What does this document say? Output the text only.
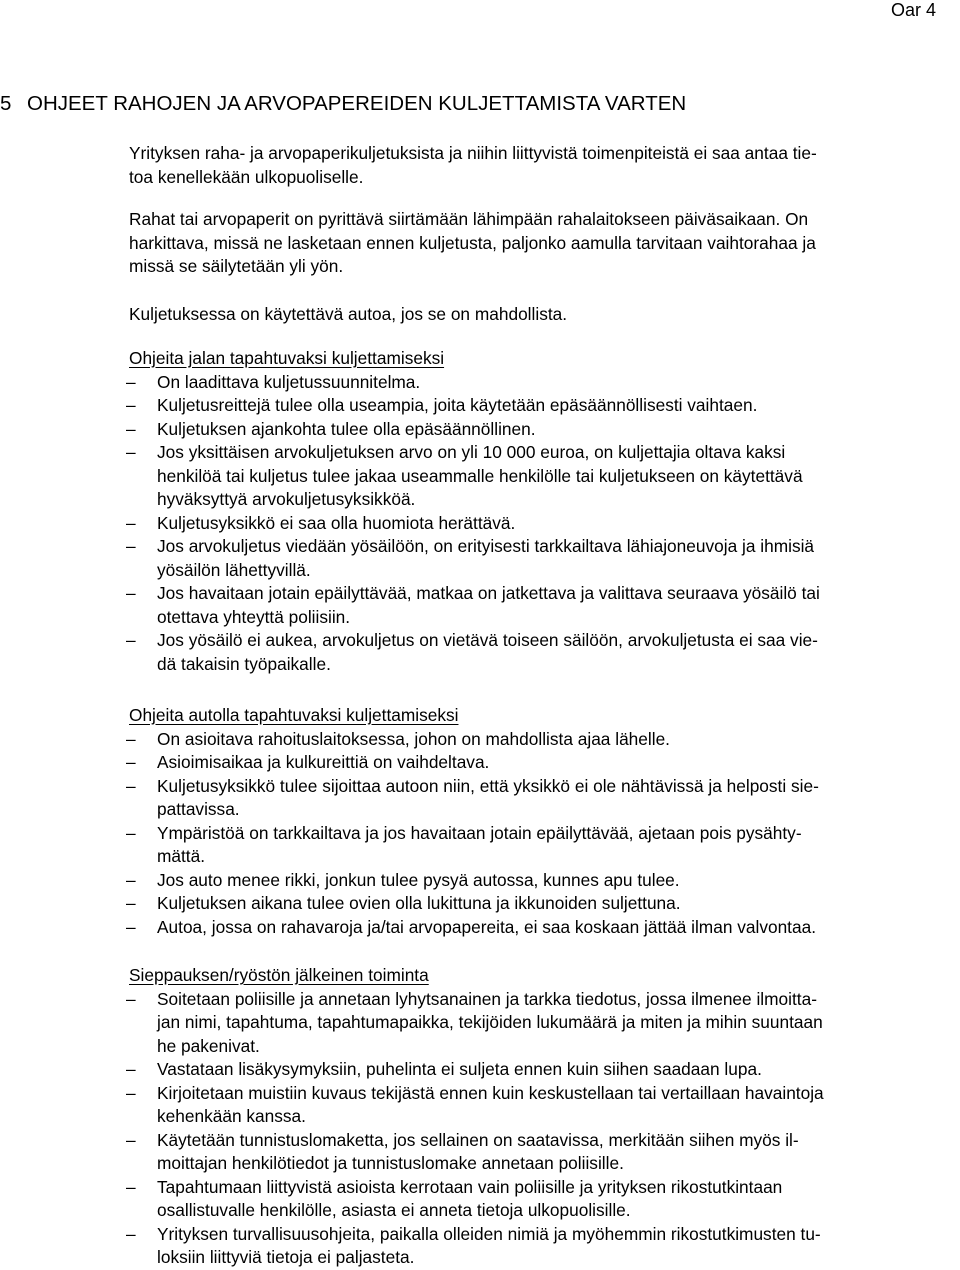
Oar 4
5 OHJEET RAHOJEN JA ARVOPAPEREIDEN KULJETTAMISTA VARTEN

Yrityksen raha- ja arvopaperikuljetuksista ja niihin liittyvistä toimenpiteistä ei saa antaa tie-
toa kenellekään ulkopuoliselle.

Rahat tai arvopaperit on pyrittävä siirtämään lähimpään rahalaitokseen päiväsaikaan. On
harkittava, missä ne lasketaan ennen kuljetusta, paljonko aamulla tarvitaan vaihtorahaa ja
missä se säilytetään yli yön.

Kuljetuksessa on käytettävä autoa, jos se on mahdollista.

Ohjeita jalan tapahtuvaksi kuljettamiseksi
– On laadittava kuljetussuunnitelma.
– Kuljetusreittejä tulee olla useampia, joita käytetään epäsäännöllisesti vaihtaen.
– Kuljetuksen ajankohta tulee olla epäsäännöllinen.
– Jos yksittäisen arvokuljetuksen arvo on yli 10 000 euroa, on kuljettajia oltava kaksi
henkilöä tai kuljetus tulee jakaa useammalle henkilölle tai kuljetukseen on käytettävä
hyväksyttyä arvokuljetusyksikköä.
– Kuljetusyksikkö ei saa olla huomiota herättävä.
– Jos arvokuljetus viedään yösäilöön, on erityisesti tarkkailtava lähiajoneuvoja ja ihmisiä
yösäilön lähettyvillä.
– Jos havaitaan jotain epäilyttävää, matkaa on jatkettava ja valittava seuraava yösäilö tai
otettava yhteyttä poliisiin.
– Jos yösäilö ei aukea, arvokuljetus on vietävä toiseen säilöön, arvokuljetusta ei saa vie-
dä takaisin työpaikalle.
Ohjeita autolla tapahtuvaksi kuljettamiseksi
– On asioitava rahoituslaitoksessa, johon on mahdollista ajaa lähelle.
– Asioimisaikaa ja kulkureittiä on vaihdeltava.
– Kuljetusyksikkö tulee sijoittaa autoon niin, että yksikkö ei ole nähtävissä ja helposti sie-
pattavissa.
– Ympäristöä on tarkkailtava ja jos havaitaan jotain epäilyttävää, ajetaan pois pysähty-
mättä.
– Jos auto menee rikki, jonkun tulee pysyä autossa, kunnes apu tulee.
– Kuljetuksen aikana tulee ovien olla lukittuna ja ikkunoiden suljettuna.
– Autoa, jossa on rahavaroja ja/tai arvopapereita, ei saa koskaan jättää ilman valvontaa.
Sieppauksen/ryöstön jälkeinen toiminta
– Soitetaan poliisille ja annetaan lyhytsanainen ja tarkka tiedotus, jossa ilmenee ilmoitta-
jan nimi, tapahtuma, tapahtumapaikka, tekijöiden lukumäärä ja miten ja mihin suuntaan
he pakenivat.
– Vastataan lisäkysymyksiin, puhelinta ei suljeta ennen kuin siihen saadaan lupa.
– Kirjoitetaan muistiin kuvaus tekijästä ennen kuin keskustellaan tai vertaillaan havaintoja
kehenkään kanssa.
– Käytetään tunnistuslomaketta, jos sellainen on saatavissa, merkitään siihen myös il-
moittajan henkilötiedot ja tunnistuslomake annetaan poliisille.
– Tapahtumaan liittyvistä asioista kerrotaan vain poliisille ja yrityksen rikostutkintaan
osallistuvalle henkilölle, asiasta ei anneta tietoja ulkopuolisille.
– Yrityksen turvallisuusohjeita, paikalla olleiden nimiä ja myöhemmin rikostutkimusten tu-
loksiin liittyviä tietoja ei paljasteta.
